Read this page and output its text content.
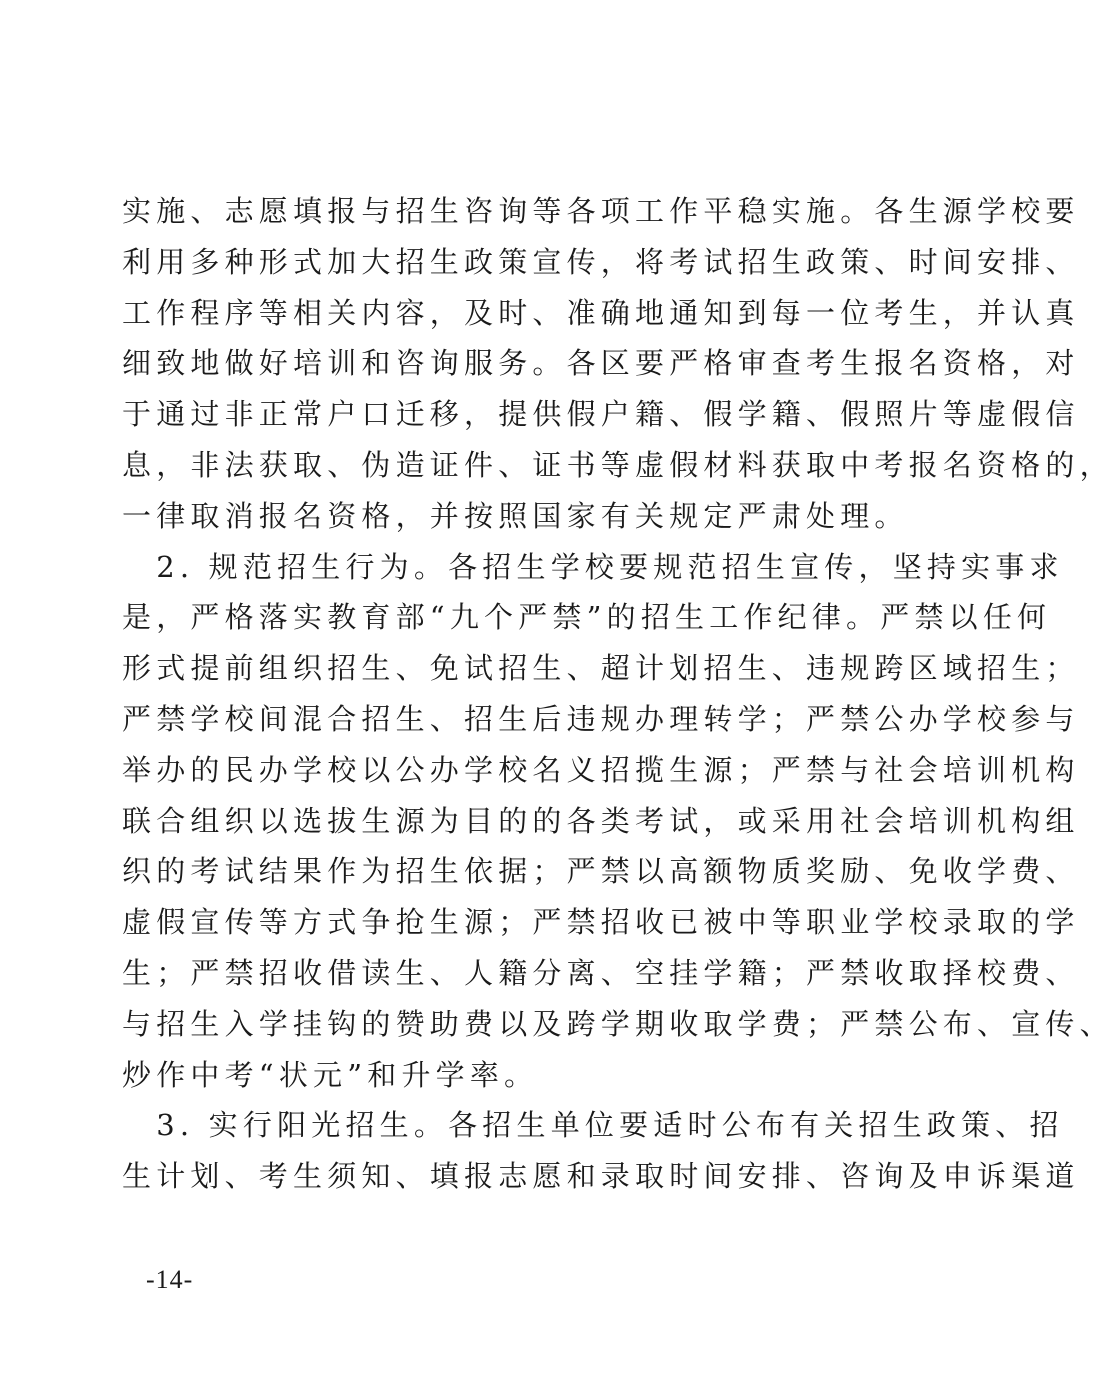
实施、志愿填报与招生咨询等各项工作平稳实施。各生源学校要
利用多种形式加大招生政策宣传，将考试招生政策、时间安排、
工作程序等相关内容，及时、准确地通知到每一位考生，并认真
细致地做好培训和咨询服务。各区要严格审查考生报名资格，对
于通过非正常户口迁移，提供假户籍、假学籍、假照片等虚假信
息，非法获取、伪造证件、证书等虚假材料获取中考报名资格的，
一律取消报名资格，并按照国家有关规定严肃处理。
　2. 规范招生行为。各招生学校要规范招生宣传，坚持实事求
是，严格落实教育部“九个严禁”的招生工作纪律。严禁以任何
形式提前组织招生、免试招生、超计划招生、违规跨区域招生；
严禁学校间混合招生、招生后违规办理转学；严禁公办学校参与
举办的民办学校以公办学校名义招揽生源；严禁与社会培训机构
联合组织以选拔生源为目的的各类考试，或采用社会培训机构组
织的考试结果作为招生依据；严禁以高额物质奖励、免收学费、
虚假宣传等方式争抢生源；严禁招收已被中等职业学校录取的学
生；严禁招收借读生、人籍分离、空挂学籍；严禁收取择校费、
与招生入学挂钩的赞助费以及跨学期收取学费；严禁公布、宣传、
炒作中考“状元”和升学率。
　3. 实行阳光招生。各招生单位要适时公布有关招生政策、招
生计划、考生须知、填报志愿和录取时间安排、咨询及申诉渠道
-14-
